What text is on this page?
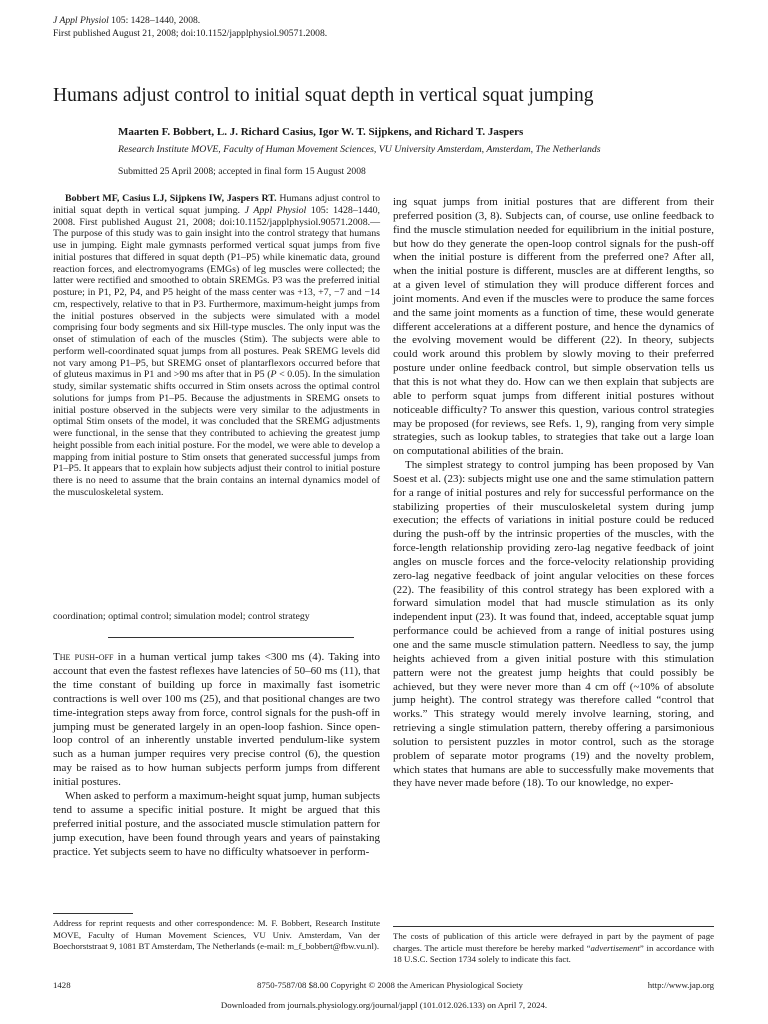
J Appl Physiol 105: 1428–1440, 2008.
First published August 21, 2008; doi:10.1152/japplphysiol.90571.2008.
Humans adjust control to initial squat depth in vertical squat jumping
Maarten F. Bobbert, L. J. Richard Casius, Igor W. T. Sijpkens, and Richard T. Jaspers
Research Institute MOVE, Faculty of Human Movement Sciences, VU University Amsterdam, Amsterdam, The Netherlands
Submitted 25 April 2008; accepted in final form 15 August 2008

Bobbert MF, Casius LJ, Sijpkens IW, Jaspers RT. Humans adjust control to initial squat depth in vertical squat jumping. J Appl Physiol 105: 1428–1440, 2008. First published August 21, 2008; doi:10.1152/japplphysiol.90571.2008.—The purpose of this study was to gain insight into the control strategy that humans use in jumping. Eight male gymnasts performed vertical squat jumps from five initial postures that differed in squat depth (P1–P5) while kinematic data, ground reaction forces, and electromyograms (EMGs) of leg muscles were collected; the latter were rectified and smoothed to obtain SREMGs. P3 was the preferred initial posture; in P1, P2, P4, and P5 height of the mass center was +13, +7, −7 and −14 cm, respectively, relative to that in P3. Furthermore, maximum-height jumps from the initial postures observed in the subjects were simulated with a model comprising four body segments and six Hill-type muscles. The only input was the onset of stimulation of each of the muscles (Stim). The subjects were able to perform well-coordinated squat jumps from all postures. Peak SREMG levels did not vary among P1–P5, but SREMG onset of plantarflexors occurred before that of gluteus maximus in P1 and >90 ms after that in P5 (P < 0.05). In the simulation study, similar systematic shifts occurred in Stim onsets across the optimal control solutions for jumps from P1–P5. Because the adjustments in SREMG onsets to initial posture observed in the subjects were very similar to the adjustments in optimal Stim onsets of the model, it was concluded that the SREMG adjustments were functional, in the sense that they contributed to achieving the greatest jump height possible from each initial posture. For the model, we were able to develop a mapping from initial posture to Stim onsets that generated successful jumps from P1–P5. It appears that to explain how subjects adjust their control to initial posture there is no need to assume that the brain contains an internal dynamics model of the musculoskeletal system.

coordination; optimal control; simulation model; control strategy

The push-off in a human vertical jump takes <300 ms (4). Taking into account that even the fastest reflexes have latencies of 50–60 ms (11), that the time constant of building up force in maximally fast isometric contractions is well over 100 ms (25), and that positional changes are two time-integration steps away from force, control signals for the push-off in jumping must be generated largely in an open-loop fashion. Since open-loop control of an inherently unstable inverted pendulum-like system such as a human jumper requires very precise control (6), the question may be raised as to how human subjects perform jumps from different initial postures.

When asked to perform a maximum-height squat jump, human subjects tend to assume a specific initial posture. It might be argued that this preferred initial posture, and the associated muscle stimulation pattern for jump execution, have been found through years and years of painstaking practice. Yet subjects seem to have no difficulty whatsoever in perform-

ing squat jumps from initial postures that are different from their preferred position (3, 8). Subjects can, of course, use online feedback to find the muscle stimulation needed for equilibrium in the initial posture, but how do they generate the open-loop control signals for the push-off when the initial posture is different from the preferred one? After all, when the initial posture is different, muscles are at different lengths, so at a given level of stimulation they will produce different forces and joint moments. And even if the muscles were to produce the same forces and the same joint moments as a function of time, these would generate different accelerations at a different posture, and hence the dynamics of the evolving movement would be different (22). In theory, subjects could work around this problem by slowly moving to their preferred posture under online feedback control, but simple observation tells us that this is not what they do. How can we then explain that subjects are able to perform squat jumps from different initial postures without noticeable difficulty? To answer this question, various control strategies may be proposed (for reviews, see Refs. 1, 9), ranging from very simple strategies, such as lookup tables, to strategies that take out a large loan on computational abilities of the brain.

The simplest strategy to control jumping has been proposed by Van Soest et al. (23): subjects might use one and the same stimulation pattern for a range of initial postures and rely for successful performance on the stabilizing properties of their musculoskeletal system during jump execution; the effects of variations in initial posture could be reduced during the push-off by the intrinsic properties of the muscles, with the force-length relationship providing zero-lag negative feedback of joint angles on muscle forces and the force-velocity relationship providing zero-lag negative feedback of joint angular velocities on these forces (22). The feasibility of this control strategy has been explored with a forward simulation model that had muscle stimulation as its only independent input (23). It was found that, indeed, acceptable squat jump performance could be achieved from a range of initial postures using one and the same muscle stimulation pattern. Needless to say, the jump heights achieved from a given initial posture with this stimulation pattern were not the greatest jump heights that could possibly be achieved, but they were never more than 4 cm off (~10% of absolute jump height). The control strategy was therefore called “control that works.” This strategy would merely involve learning, storing, and retrieving a single stimulation pattern, thereby offering a parsimonious solution to persistent puzzles in motor control, such as the storage problem of separate motor programs (19) and the novelty problem, which states that humans are able to successfully make movements that they have never made before (18). To our knowledge, no exper-

Address for reprint requests and other correspondence: M. F. Bobbert, Research Institute MOVE, Faculty of Human Movement Sciences, VU Univ. Amsterdam, Van der Boechorststraat 9, 1081 BT Amsterdam, The Netherlands (e-mail: m_f_bobbert@fbw.vu.nl).
The costs of publication of this article were defrayed in part by the payment of page charges. The article must therefore be hereby marked “advertisement” in accordance with 18 U.S.C. Section 1734 solely to indicate this fact.
1428	8750-7587/08 $8.00 Copyright © 2008 the American Physiological Society	http://www.jap.org
Downloaded from journals.physiology.org/journal/jappl (101.012.026.133) on April 7, 2024.
